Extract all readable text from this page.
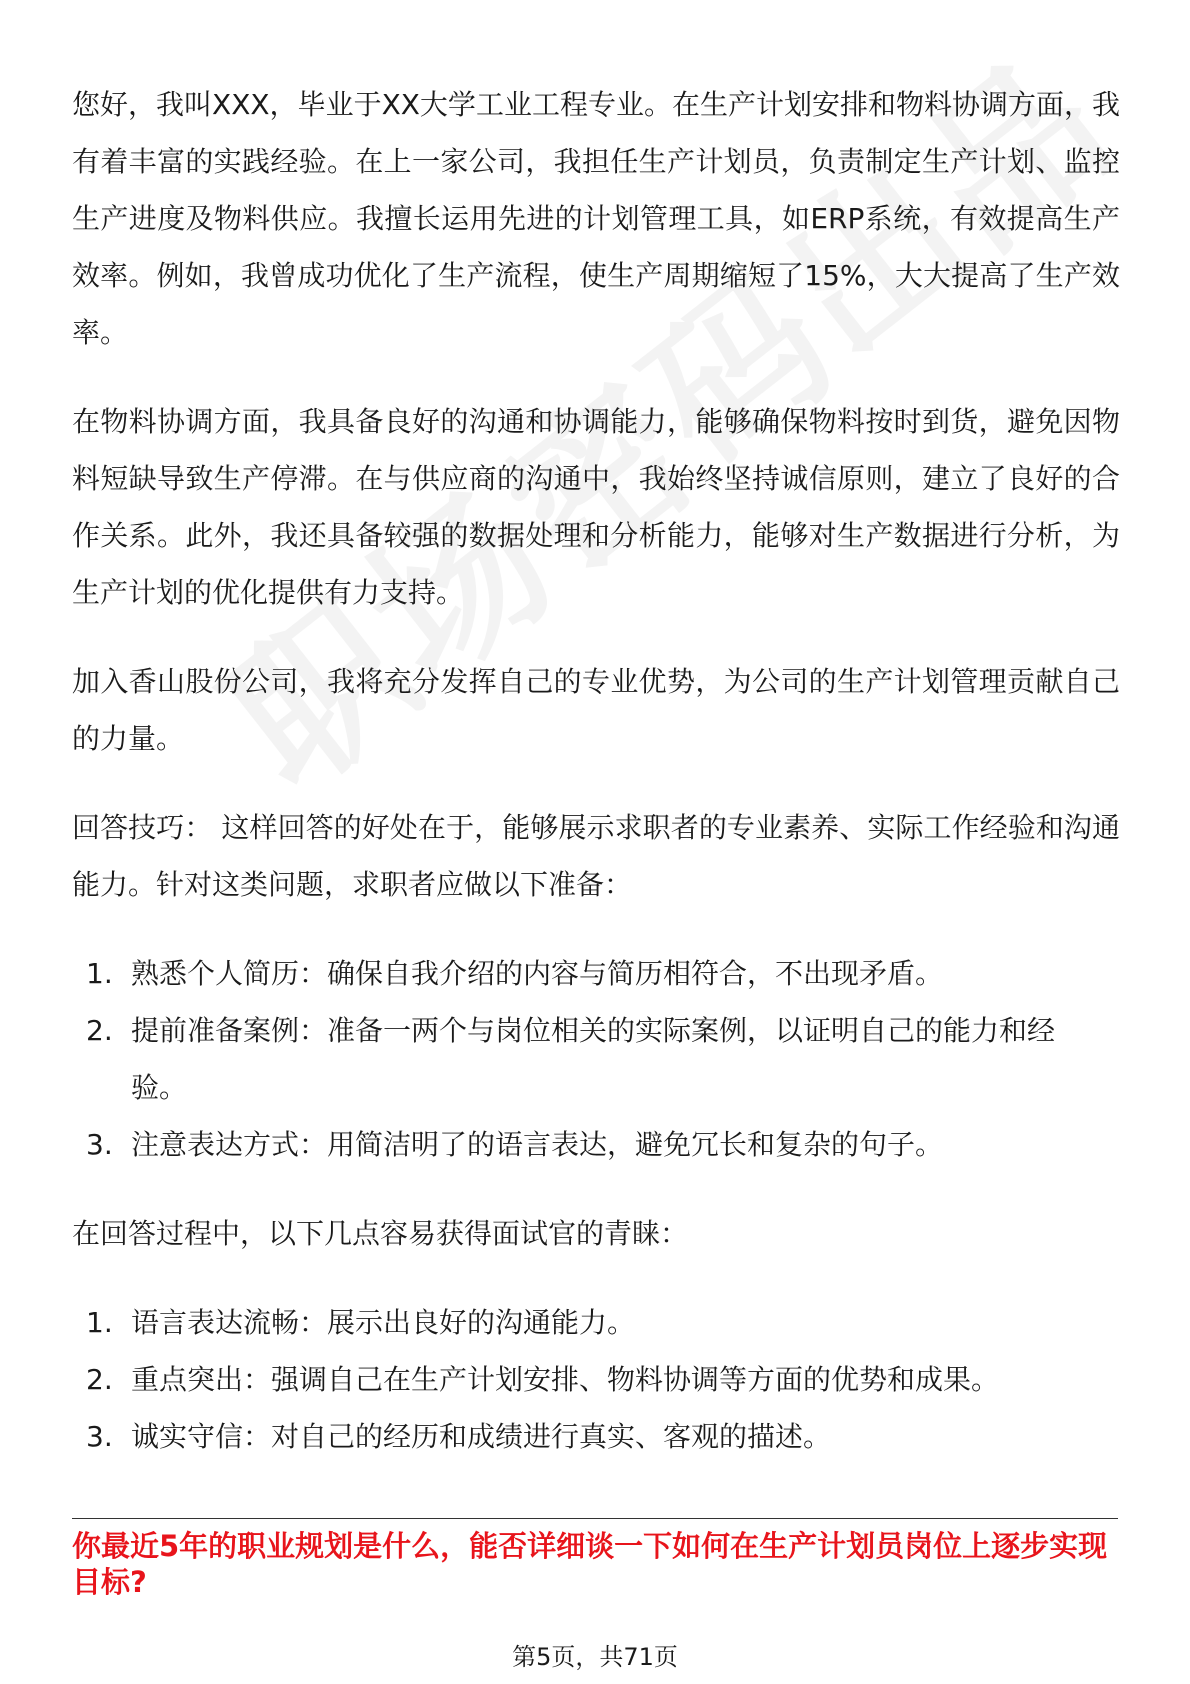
您好，我叫XXX，毕业于XX大学工业工程专业。在生产计划安排和物料协调方面，我有着丰富的实践经验。在上一家公司，我担任生产计划员，负责制定生产计划、监控生产进度及物料供应。我擅长运用先进的计划管理工具，如ERP系统，有效提高生产效率。例如，我曾成功优化了生产流程，使生产周期缩短了15%，大大提高了生产效率。

在物料协调方面，我具备良好的沟通和协调能力，能够确保物料按时到货，避免因物料短缺导致生产停滞。在与供应商的沟通中，我始终坚持诚信原则，建立了良好的合作关系。此外，我还具备较强的数据处理和分析能力，能够对生产数据进行分析，为生产计划的优化提供有力支持。

加入香山股份公司，我将充分发挥自己的专业优势，为公司的生产计划管理贡献自己的力量。

回答技巧： 这样回答的好处在于，能够展示求职者的专业素养、实际工作经验和沟通能力。针对这类问题，求职者应做以下准备：

1. 熟悉个人简历：确保自我介绍的内容与简历相符合，不出现矛盾。
2. 提前准备案例：准备一两个与岗位相关的实际案例，以证明自己的能力和经验。
3. 注意表达方式：用简洁明了的语言表达，避免冗长和复杂的句子。

在回答过程中，以下几点容易获得面试官的青睐：

1. 语言表达流畅：展示出良好的沟通能力。
2. 重点突出：强调自己在生产计划安排、物料协调等方面的优势和成果。
3. 诚实守信：对自己的经历和成绩进行真实、客观的描述。

你最近5年的职业规划是什么，能否详细谈一下如何在生产计划员岗位上逐步实现目标?

第5页，共71页
